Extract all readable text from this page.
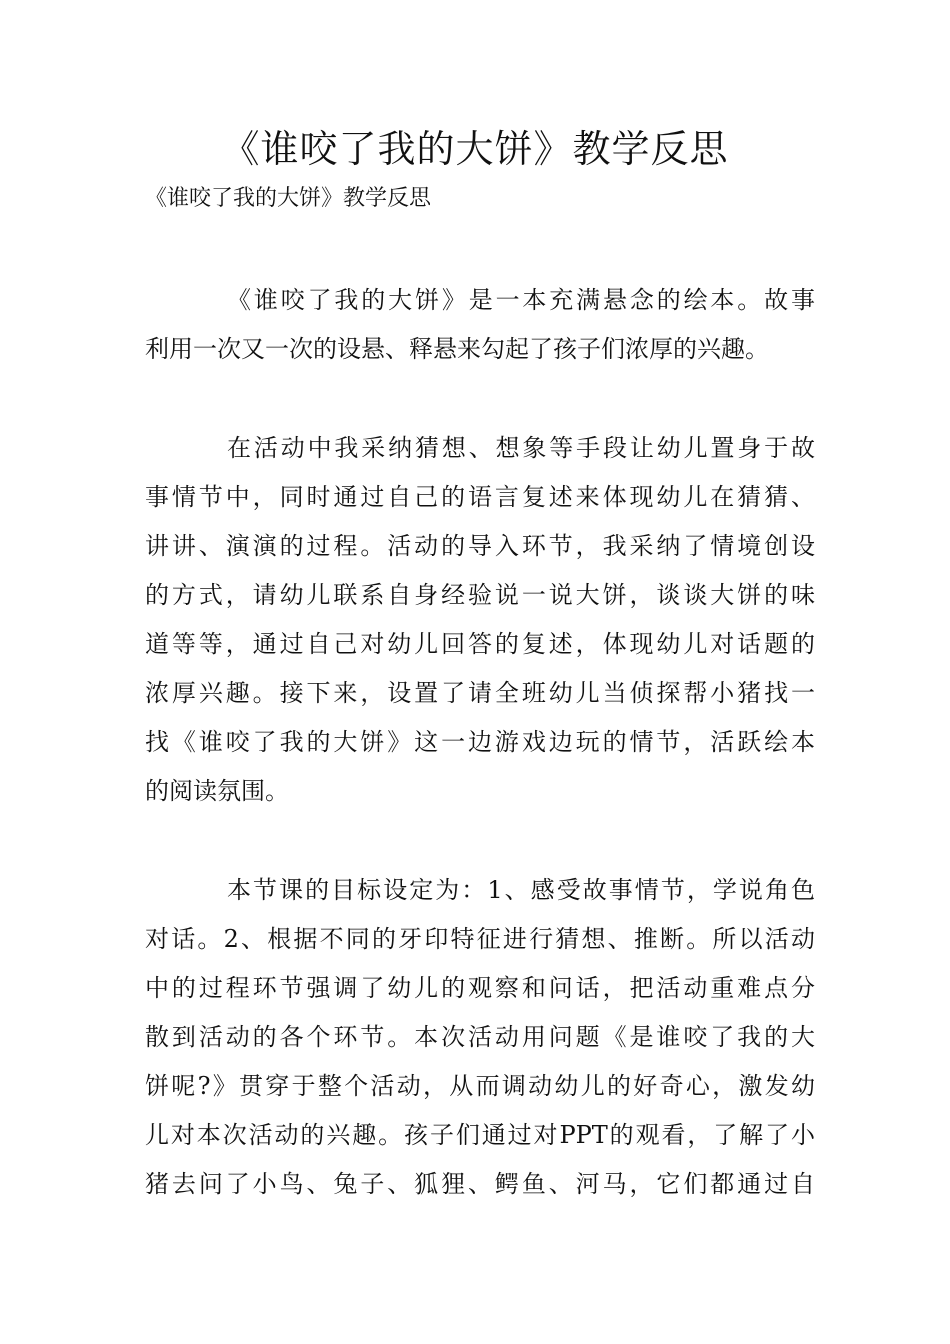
《谁咬了我的大饼》教学反思
《谁咬了我的大饼》教学反思
《谁咬了我的大饼》是一本充满悬念的绘本。故事
利用一次又一次的设悬、释悬来勾起了孩子们浓厚的兴趣。
在活动中我采纳猜想、想象等手段让幼儿置身于故
事情节中，同时通过自己的语言复述来体现幼儿在猜猜、
讲讲、演演的过程。活动的导入环节，我采纳了情境创设
的方式，请幼儿联系自身经验说一说大饼，谈谈大饼的味
道等等，通过自己对幼儿回答的复述，体现幼儿对话题的
浓厚兴趣。接下来，设置了请全班幼儿当侦探帮小猪找一
找《谁咬了我的大饼》这一边游戏边玩的情节，活跃绘本
的阅读氛围。
本节课的目标设定为：1、感受故事情节，学说角色
对话。2、根据不同的牙印特征进行猜想、推断。所以活动
中的过程环节强调了幼儿的观察和问话，把活动重难点分
散到活动的各个环节。本次活动用问题《是谁咬了我的大
饼呢?》贯穿于整个活动，从而调动幼儿的好奇心，激发幼
儿对本次活动的兴趣。孩子们通过对PPT的观看，了解了小
猪去问了小鸟、兔子、狐狸、鳄鱼、河马，它们都通过自
